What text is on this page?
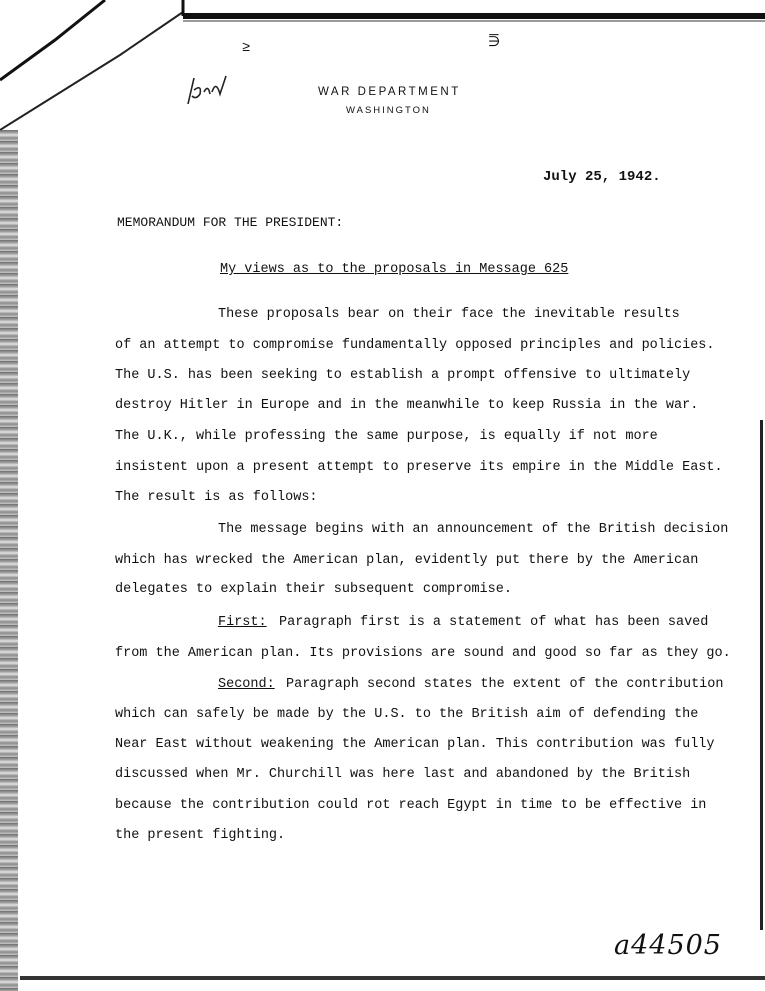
≥	⋽
WAR DEPARTMENT
WASHINGTON
July 25, 1942.
MEMORANDUM FOR THE PRESIDENT:
My views as to the proposals in Message 625
These proposals bear on their face the inevitable results
of an attempt to compromise fundamentally opposed principles and policies.
The U.S. has been seeking to establish a prompt offensive to ultimately
destroy Hitler in Europe and in the meanwhile to keep Russia in the war.
The U.K., while professing the same purpose, is equally if not more
insistent upon a present attempt to preserve its empire in the Middle East.
The result is as follows:
The message begins with an announcement of the British decision
which has wrecked the American plan, evidently put there by the American
delegates to explain their subsequent compromise.
First: Paragraph first is a statement of what has been saved
from the American plan. Its provisions are sound and good so far as they go.
Second: Paragraph second states the extent of the contribution
which can safely be made by the U.S. to the British aim of defending the
Near East without weakening the American plan. This contribution was fully
discussed when Mr. Churchill was here last and abandoned by the British
because the contribution could rot reach Egypt in time to be effective in
the present fighting.
a44505
